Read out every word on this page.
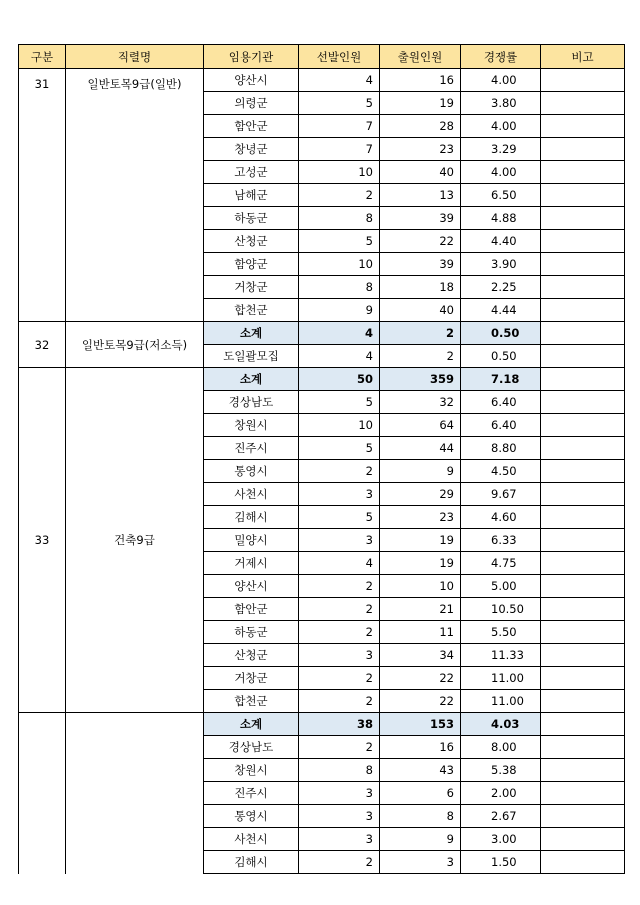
구분	직렬명	임용기관	선발인원	출원인원	경쟁률	비고
31	일반토목9급(일반)	양산시	4	16	4.00	
		의령군	5	19	3.80	
		함안군	7	28	4.00	
		창녕군	7	23	3.29	
		고성군	10	40	4.00	
		남해군	2	13	6.50	
		하동군	8	39	4.88	
		산청군	5	22	4.40	
		함양군	10	39	3.90	
		거창군	8	18	2.25	
		합천군	9	40	4.44	
32	일반토목9급(저소득)	소계	4	2	0.50	
		도일괄모집	4	2	0.50	
33	건축9급	소계	50	359	7.18	
		경상남도	5	32	6.40	
		창원시	10	64	6.40	
		진주시	5	44	8.80	
		통영시	2	9	4.50	
		사천시	3	29	9.67	
		김해시	5	23	4.60	
		밀양시	3	19	6.33	
		거제시	4	19	4.75	
		양산시	2	10	5.00	
		함안군	2	21	10.50	
		하동군	2	11	5.50	
		산청군	3	34	11.33	
		거창군	2	22	11.00	
		합천군	2	22	11.00	
		소계	38	153	4.03	
		경상남도	2	16	8.00	
		창원시	8	43	5.38	
		진주시	3	6	2.00	
		통영시	3	8	2.67	
		사천시	3	9	3.00	
		김해시	2	3	1.50	
